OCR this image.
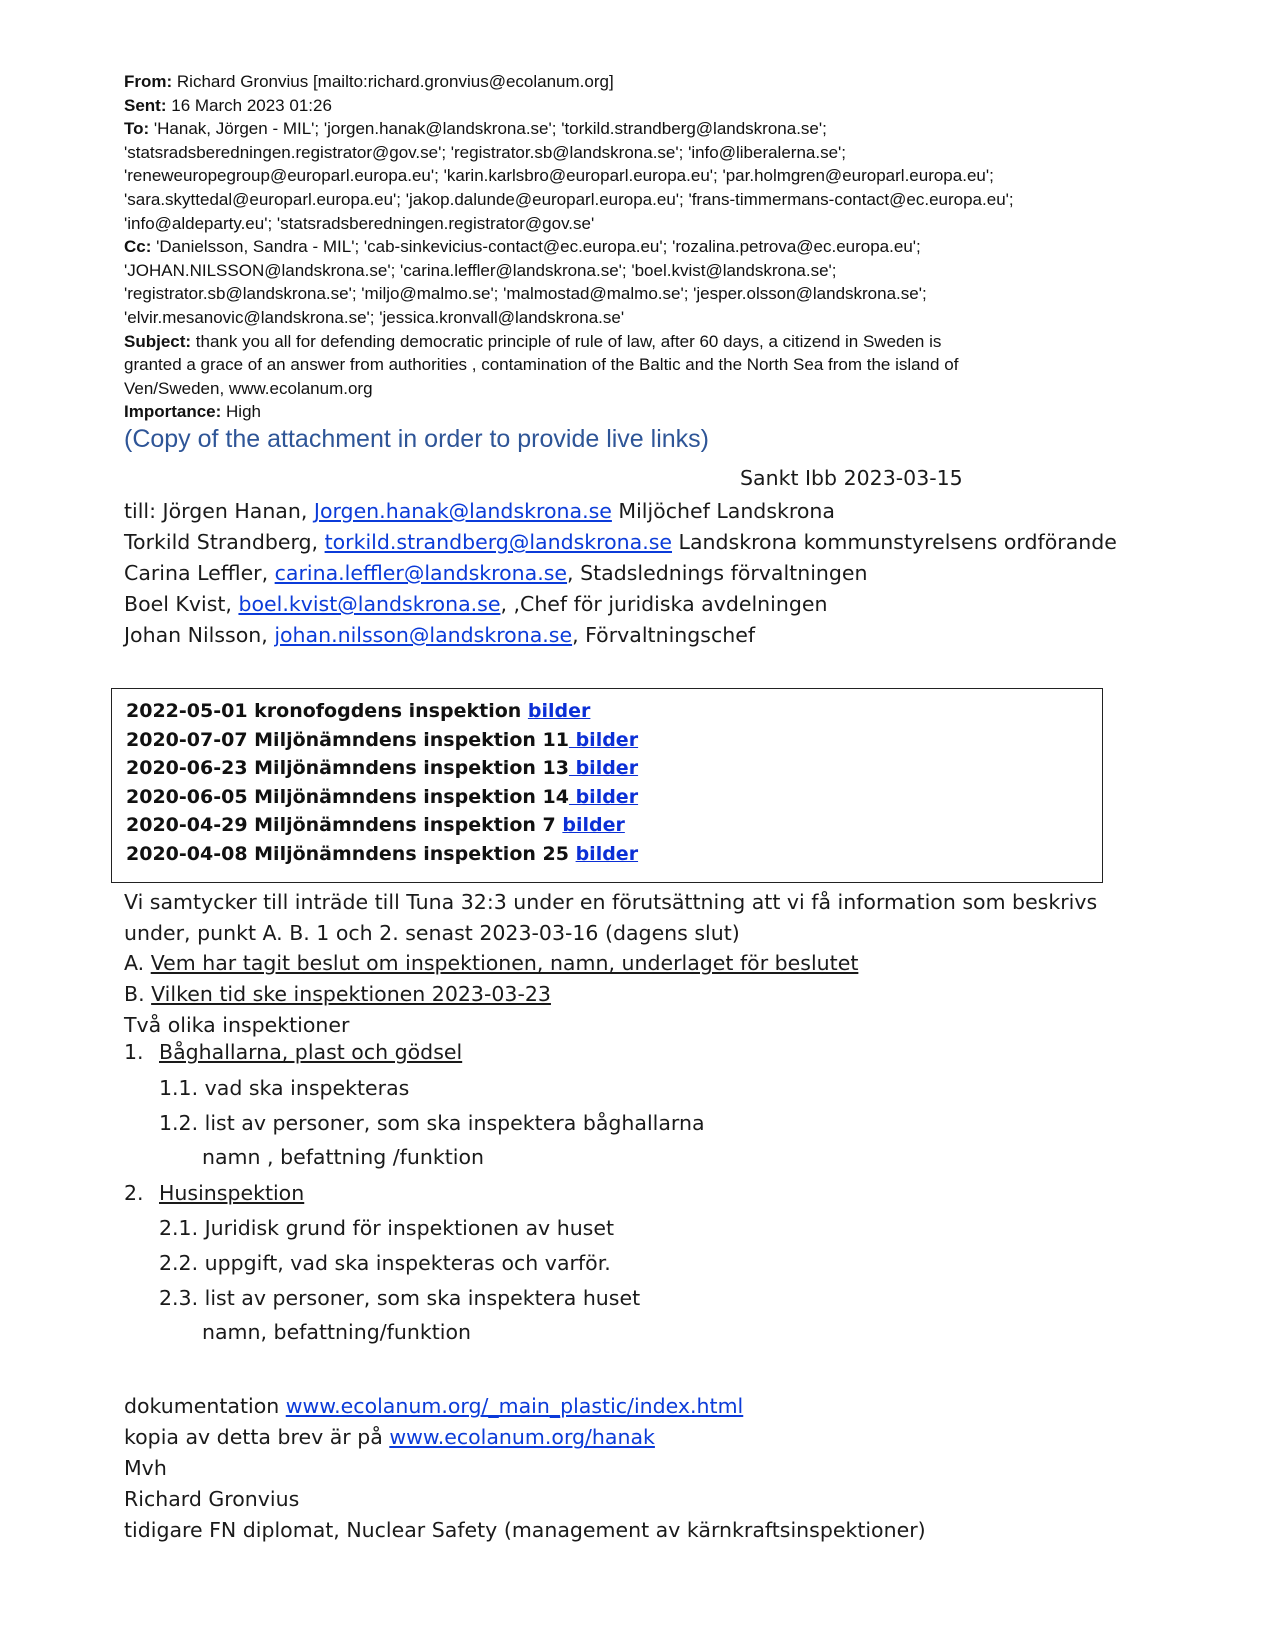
From: Richard Gronvius [mailto:richard.gronvius@ecolanum.org]
Sent: 16 March 2023 01:26
To: 'Hanak, Jörgen - MIL'; 'jorgen.hanak@landskrona.se'; 'torkild.strandberg@landskrona.se';
'statsradsberedningen.registrator@gov.se'; 'registrator.sb@landskrona.se'; 'info@liberalerna.se';
'reneweuropegroup@europarl.europa.eu'; 'karin.karlsbro@europarl.europa.eu'; 'par.holmgren@europarl.europa.eu';
'sara.skyttedal@europarl.europa.eu'; 'jakop.dalunde@europarl.europa.eu'; 'frans-timmermans-contact@ec.europa.eu';
'info@aldeparty.eu'; 'statsradsberedningen.registrator@gov.se'
Cc: 'Danielsson, Sandra - MIL'; 'cab-sinkevicius-contact@ec.europa.eu'; 'rozalina.petrova@ec.europa.eu';
'JOHAN.NILSSON@landskrona.se'; 'carina.leffler@landskrona.se'; 'boel.kvist@landskrona.se';
'registrator.sb@landskrona.se'; 'miljo@malmo.se'; 'malmostad@malmo.se'; 'jesper.olsson@landskrona.se';
'elvir.mesanovic@landskrona.se'; 'jessica.kronvall@landskrona.se'
Subject: thank you all for defending democratic principle of rule of law, after 60 days, a citizend in Sweden is
granted a grace of an answer from authorities , contamination of the Baltic and the North Sea from the island of
Ven/Sweden, www.ecolanum.org
Importance: High
(Copy of the attachment in order to provide live links)
Sankt Ibb 2023-03-15
till: Jörgen Hanan, Jorgen.hanak@landskrona.se Miljöchef Landskrona
Torkild Strandberg, torkild.strandberg@landskrona.se Landskrona kommunstyrelsens ordförande
Carina Leffler, carina.leffler@landskrona.se, Stadslednings förvaltningen
Boel Kvist, boel.kvist@landskrona.se, ,Chef för juridiska avdelningen
Johan Nilsson, johan.nilsson@landskrona.se, Förvaltningschef
2022-05-01 kronofogdens inspektion bilder
2020-07-07 Miljönämndens inspektion 11 bilder
2020-06-23 Miljönämndens inspektion 13 bilder
2020-06-05 Miljönämndens inspektion 14 bilder
2020-04-29 Miljönämndens inspektion 7 bilder
2020-04-08 Miljönämndens inspektion 25 bilder
Vi samtycker till inträde till Tuna 32:3 under en förutsättning att vi få information som beskrivs
under, punkt A. B. 1 och 2. senast 2023-03-16 (dagens slut)
A. Vem har tagit beslut om inspektionen, namn, underlaget för beslutet
B. Vilken tid ske inspektionen 2023-03-23
Två olika inspektioner
1. Båghallarna, plast och gödsel
1.1. vad ska inspekteras
1.2. list av personer, som ska inspektera båghallarna
namn , befattning /funktion
2. Husinspektion
2.1. Juridisk grund för inspektionen av huset
2.2. uppgift, vad ska inspekteras och varför.
2.3. list av personer, som ska inspektera huset
namn, befattning/funktion
dokumentation www.ecolanum.org/_main_plastic/index.html
kopia av detta brev är på www.ecolanum.org/hanak
Mvh
Richard Gronvius
tidigare FN diplomat, Nuclear Safety (management av kärnkraftsinspektioner)
